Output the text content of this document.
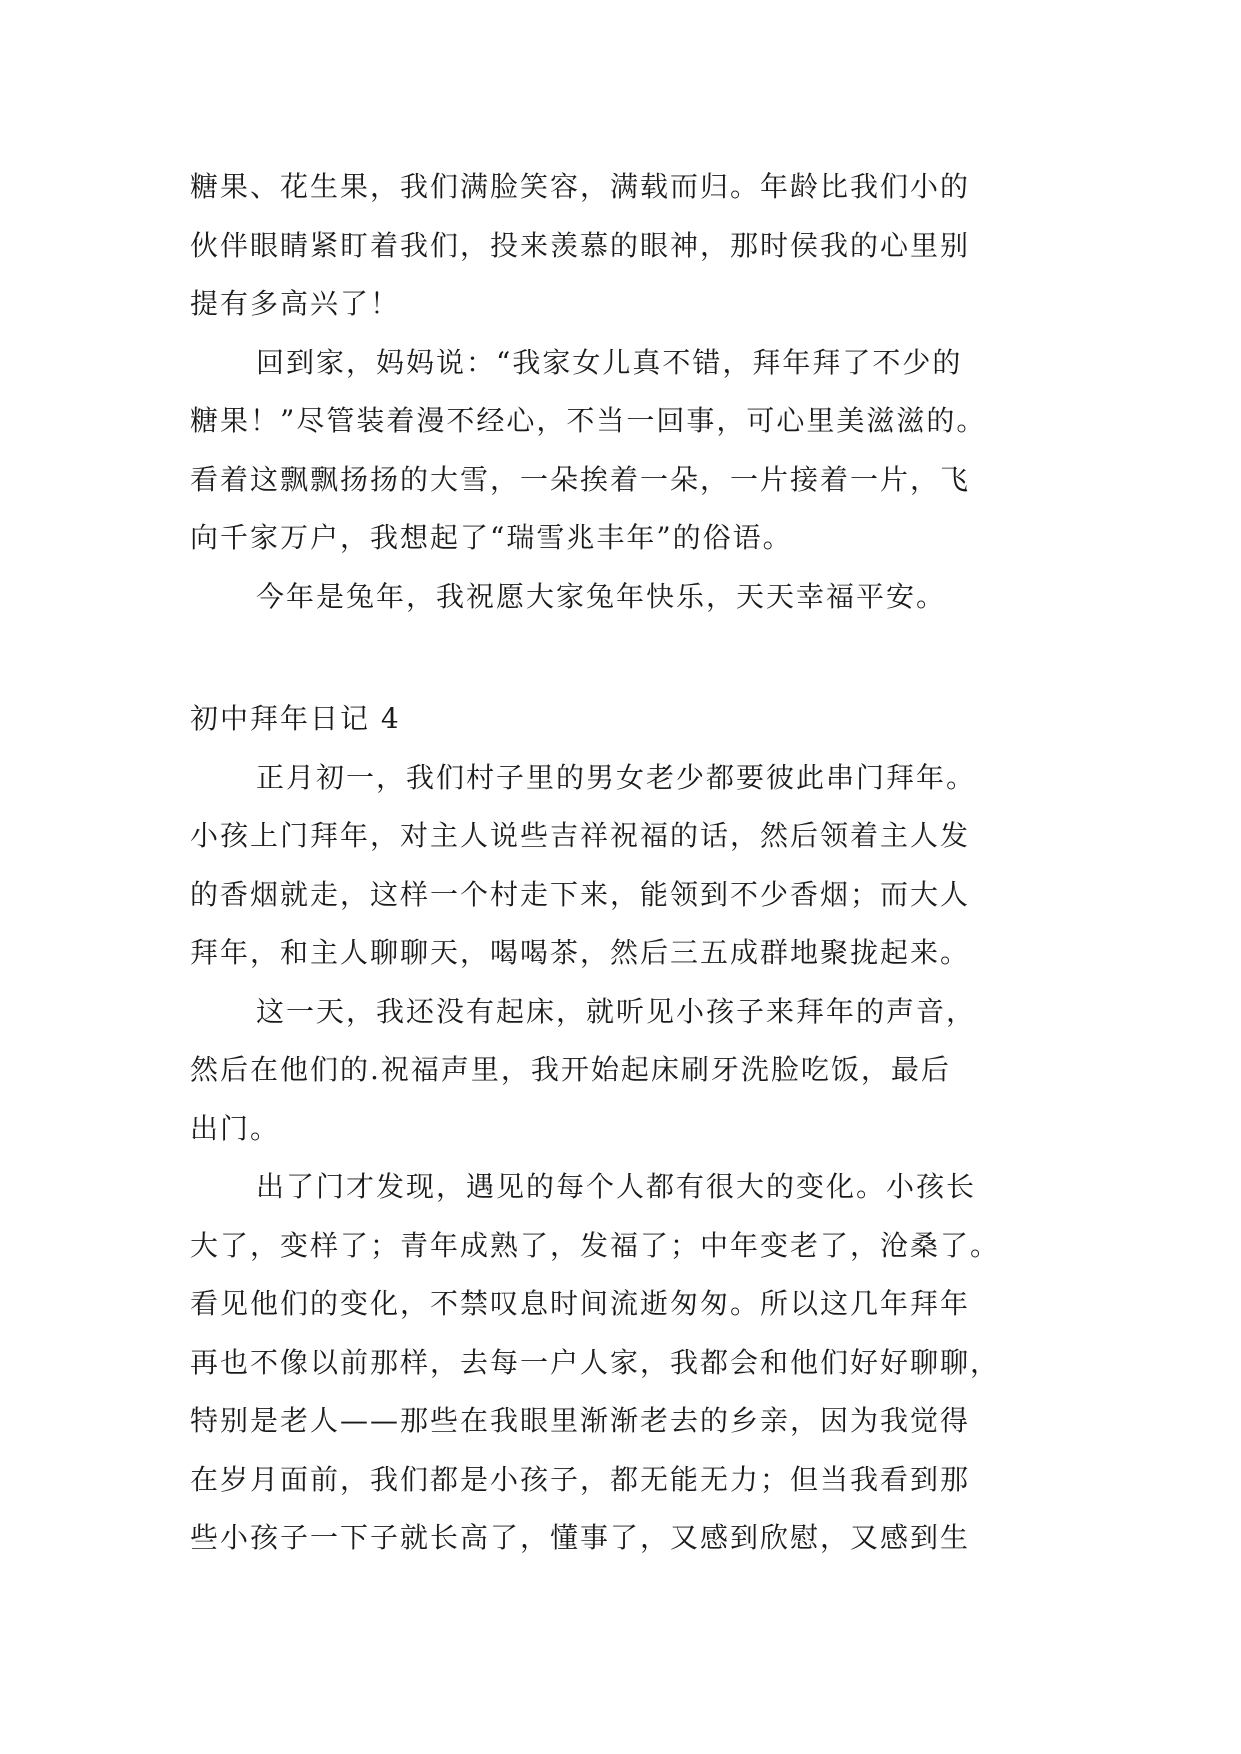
糖果、花生果，我们满脸笑容，满载而归。年龄比我们小的
伙伴眼睛紧盯着我们，投来羡慕的眼神，那时侯我的心里别
提有多高兴了！
回到家，妈妈说：“我家女儿真不错，拜年拜了不少的
糖果！”尽管装着漫不经心，不当一回事，可心里美滋滋的。
看着这飘飘扬扬的大雪，一朵挨着一朵，一片接着一片，飞
向千家万户，我想起了“瑞雪兆丰年”的俗语。
今年是兔年，我祝愿大家兔年快乐，天天幸福平安。
初中拜年日记 4
正月初一，我们村子里的男女老少都要彼此串门拜年。
小孩上门拜年，对主人说些吉祥祝福的话，然后领着主人发
的香烟就走，这样一个村走下来，能领到不少香烟；而大人
拜年，和主人聊聊天，喝喝茶，然后三五成群地聚拢起来。
这一天，我还没有起床，就听见小孩子来拜年的声音，
然后在他们的.祝福声里，我开始起床刷牙洗脸吃饭，最后
出门。
出了门才发现，遇见的每个人都有很大的变化。小孩长
大了，变样了；青年成熟了，发福了；中年变老了，沧桑了。
看见他们的变化，不禁叹息时间流逝匆匆。所以这几年拜年
再也不像以前那样，去每一户人家，我都会和他们好好聊聊，
特别是老人——那些在我眼里渐渐老去的乡亲，因为我觉得
在岁月面前，我们都是小孩子，都无能无力；但当我看到那
些小孩子一下子就长高了，懂事了，又感到欣慰，又感到生
